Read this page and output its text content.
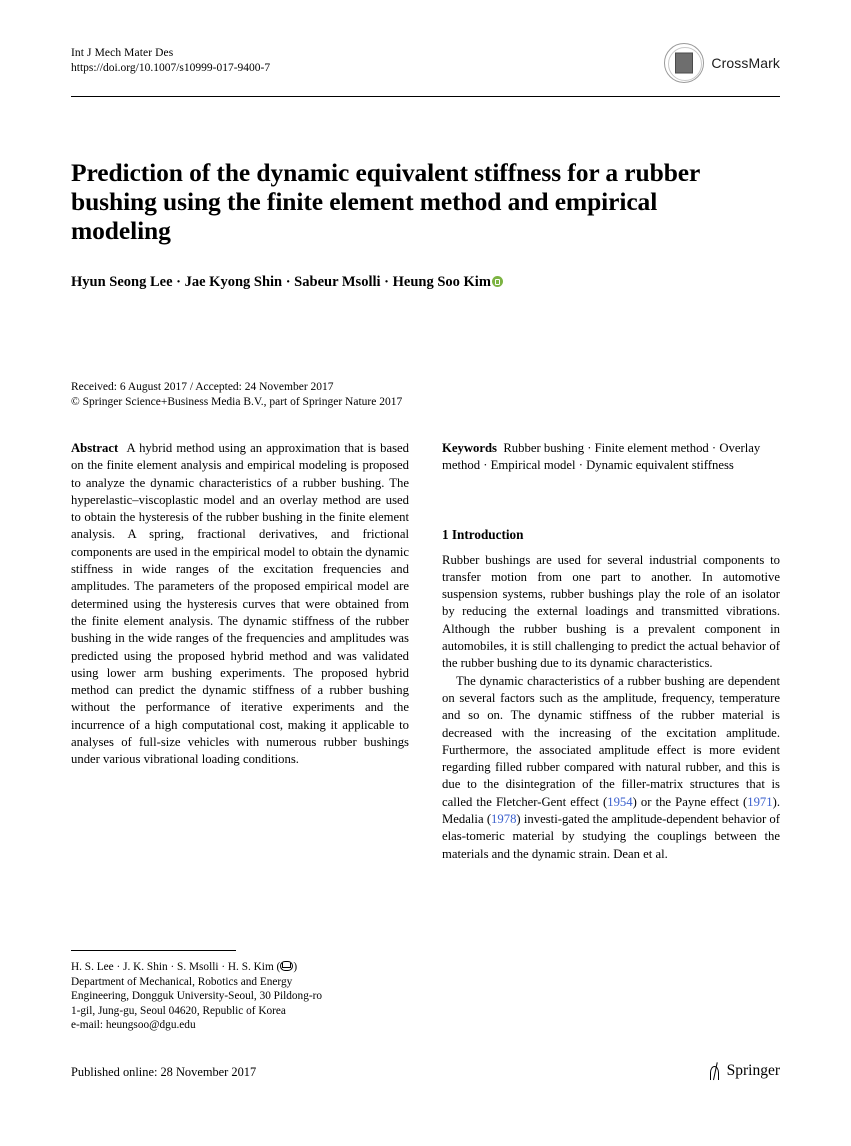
Int J Mech Mater Des
https://doi.org/10.1007/s10999-017-9400-7	CrossMark
Prediction of the dynamic equivalent stiffness for a rubber bushing using the finite element method and empirical modeling
Hyun Seong Lee · Jae Kyong Shin · Sabeur Msolli · Heung Soo Kim
Received: 6 August 2017 / Accepted: 24 November 2017
© Springer Science+Business Media B.V., part of Springer Nature 2017
Abstract A hybrid method using an approximation that is based on the finite element analysis and empirical modeling is proposed to analyze the dynamic characteristics of a rubber bushing. The hyperelastic–viscoplastic model and an overlay method are used to obtain the hysteresis of the rubber bushing in the finite element analysis. A spring, fractional derivatives, and frictional components are used in the empirical model to obtain the dynamic stiffness in wide ranges of the excitation frequencies and amplitudes. The parameters of the proposed empirical model are determined using the hysteresis curves that were obtained from the finite element analysis. The dynamic stiffness of the rubber bushing in the wide ranges of the frequencies and amplitudes was predicted using the proposed hybrid method and was validated using lower arm bushing experiments. The proposed hybrid method can predict the dynamic stiffness of a rubber bushing without the performance of iterative experiments and the incurrence of a high computational cost, making it applicable to analyses of full-size vehicles with numerous rubber bushings under various vibrational loading conditions.
Keywords Rubber bushing · Finite element method · Overlay method · Empirical model · Dynamic equivalent stiffness
1 Introduction
Rubber bushings are used for several industrial components to transfer motion from one part to another. In automotive suspension systems, rubber bushings play the role of an isolator by reducing the external loadings and transmitted vibrations. Although the rubber bushing is a prevalent component in automobiles, it is still challenging to predict the actual behavior of the rubber bushing due to its dynamic characteristics.
The dynamic characteristics of a rubber bushing are dependent on several factors such as the amplitude, frequency, temperature and so on. The dynamic stiffness of the rubber material is decreased with the increasing of the excitation amplitude. Furthermore, the associated amplitude effect is more evident regarding filled rubber compared with natural rubber, and this is due to the disintegration of the filler-matrix structures that is called the Fletcher-Gent effect (1954) or the Payne effect (1971). Medalia (1978) investi-gated the amplitude-dependent behavior of elas-tomeric material by studying the couplings between the materials and the dynamic strain. Dean et al.
H. S. Lee · J. K. Shin · S. Msolli · H. S. Kim ( )
Department of Mechanical, Robotics and Energy
Engineering, Dongguk University-Seoul, 30 Pildong-ro
1-gil, Jung-gu, Seoul 04620, Republic of Korea
e-mail: heungsoo@dgu.edu
Published online: 28 November 2017	Springer
